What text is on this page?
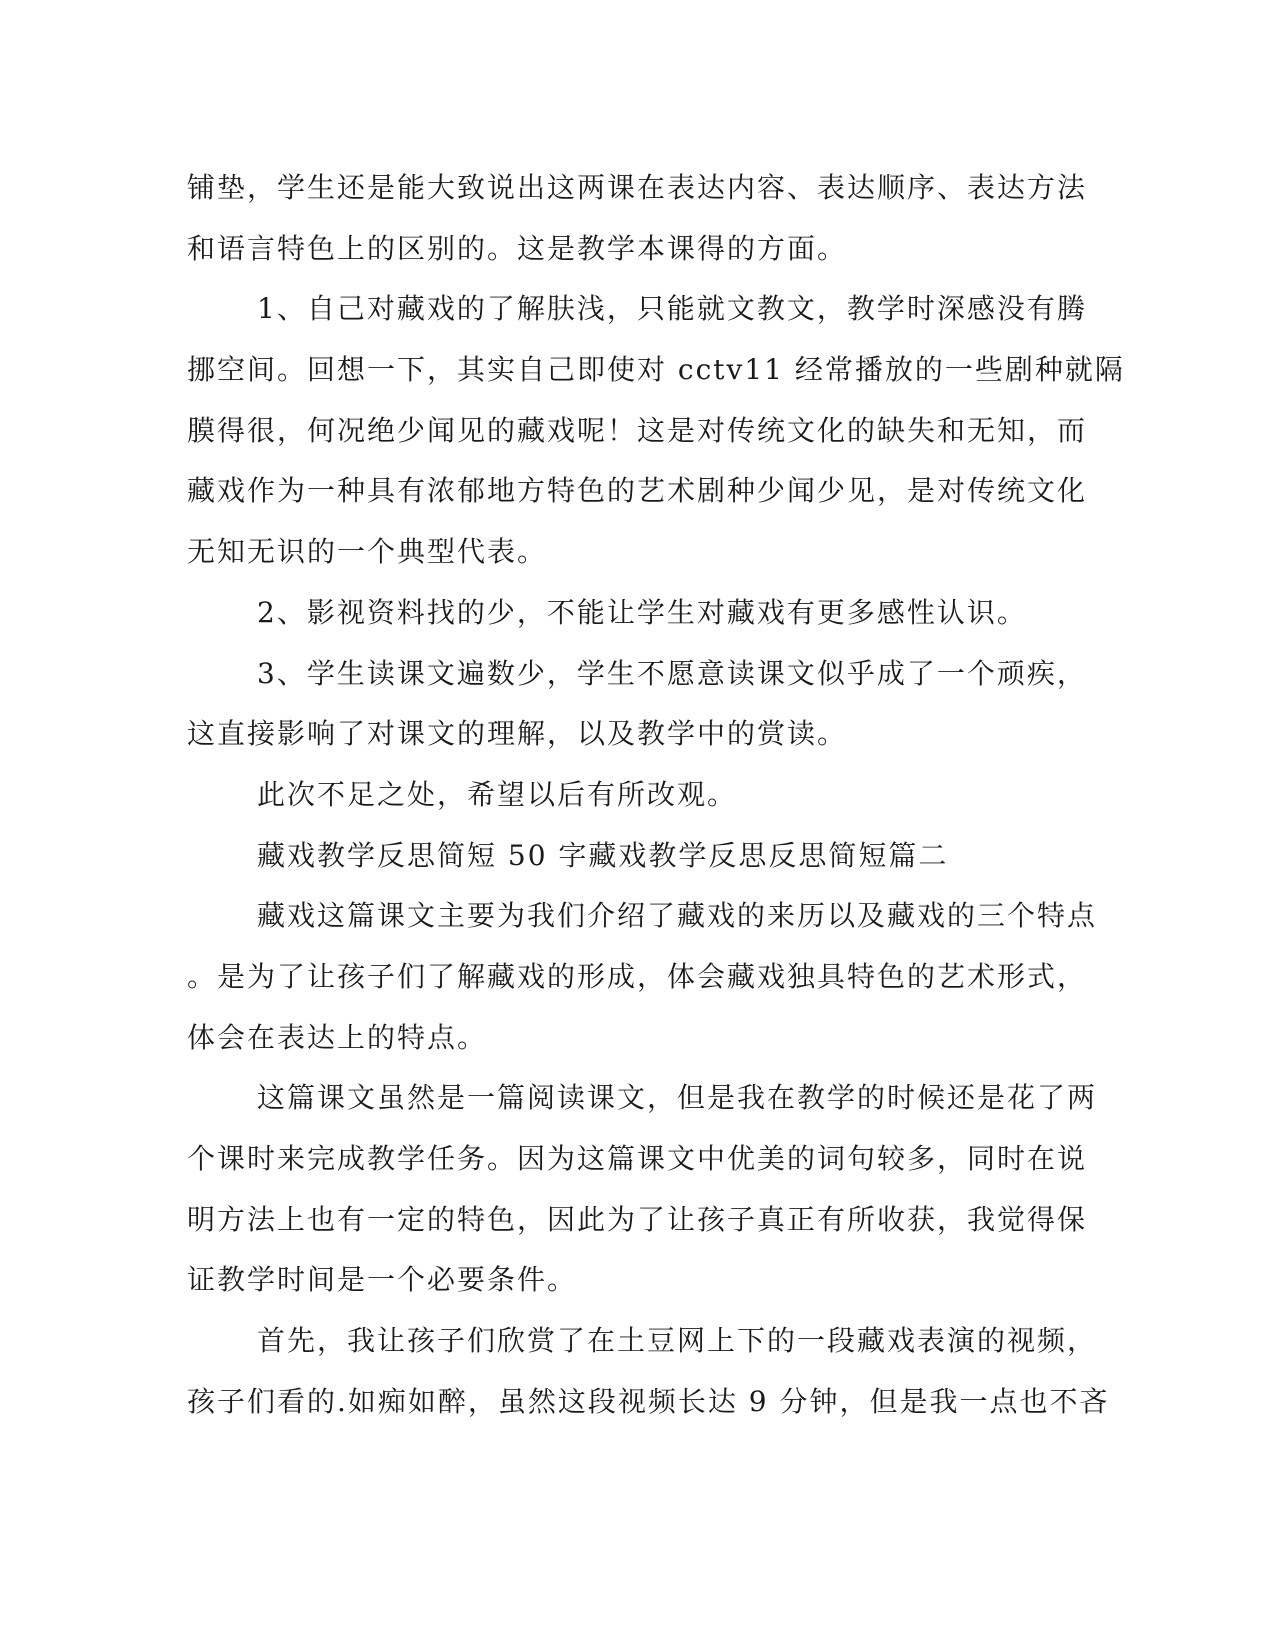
铺垫，学生还是能大致说出这两课在表达内容、表达顺序、表达方法
和语言特色上的区别的。这是教学本课得的方面。
1、自己对藏戏的了解肤浅，只能就文教文，教学时深感没有腾
挪空间。回想一下，其实自己即使对 cctv11 经常播放的一些剧种就隔
膜得很，何况绝少闻见的藏戏呢！这是对传统文化的缺失和无知，而
藏戏作为一种具有浓郁地方特色的艺术剧种少闻少见，是对传统文化
无知无识的一个典型代表。
2、影视资料找的少，不能让学生对藏戏有更多感性认识。
3、学生读课文遍数少，学生不愿意读课文似乎成了一个顽疾，
这直接影响了对课文的理解，以及教学中的赏读。
此次不足之处，希望以后有所改观。
藏戏教学反思简短 50 字藏戏教学反思反思简短篇二
藏戏这篇课文主要为我们介绍了藏戏的来历以及藏戏的三个特点
。是为了让孩子们了解藏戏的形成，体会藏戏独具特色的艺术形式，
体会在表达上的特点。
这篇课文虽然是一篇阅读课文，但是我在教学的时候还是花了两
个课时来完成教学任务。因为这篇课文中优美的词句较多，同时在说
明方法上也有一定的特色，因此为了让孩子真正有所收获，我觉得保
证教学时间是一个必要条件。
首先，我让孩子们欣赏了在土豆网上下的一段藏戏表演的视频，
孩子们看的.如痴如醉，虽然这段视频长达 9 分钟，但是我一点也不吝
